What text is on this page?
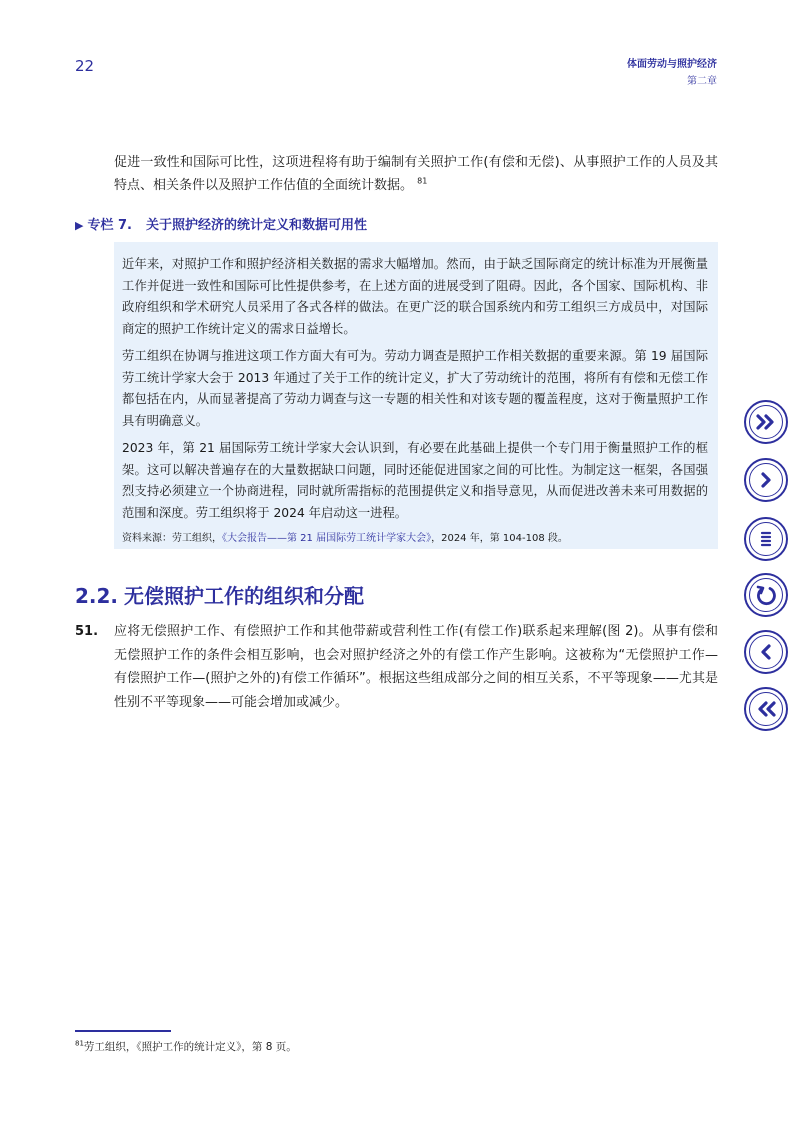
22	体面劳动与照护经济
第二章

促进一致性和国际可比性，这项进程将有助于编制有关照护工作(有偿和无偿)、从事照护工作的人员及其特点、相关条件以及照护工作估值的全面统计数据。 $^{81}$

▶ 专栏 7. 关于照护经济的统计定义和数据可用性

近年来，对照护工作和照护经济相关数据的需求大幅增加。然而，由于缺乏国际商定的统计标准为开展衡量工作并促进一致性和国际可比性提供参考，在上述方面的进展受到了阻碍。因此，各个国家、国际机构、非政府组织和学术研究人员采用了各式各样的做法。在更广泛的联合国系统内和劳工组织三方成员中，对国际商定的照护工作统计定义的需求日益增长。

劳工组织在协调与推进这项工作方面大有可为。劳动力调查是照护工作相关数据的重要来源。第 19 届国际劳工统计学家大会于 2013 年通过了关于工作的统计定义，扩大了劳动统计的范围，将所有有偿和无偿工作都包括在内，从而显著提高了劳动力调查与这一专题的相关性和对该专题的覆盖程度，这对于衡量照护工作具有明确意义。

2023 年，第 21 届国际劳工统计学家大会认识到，有必要在此基础上提供一个专门用于衡量照护工作的框架。这可以解决普遍存在的大量数据缺口问题，同时还能促进国家之间的可比性。为制定这一框架，各国强烈支持必须建立一个协商进程，同时就所需指标的范围提供定义和指导意见，从而促进改善未来可用数据的范围和深度。劳工组织将于 2024 年启动这一进程。

资料来源：劳工组织，《大会报告——第 21 届国际劳工统计学家大会》，2024 年，第 104-108 段。
2.2. 无偿照护工作的组织和分配
51. 应将无偿照护工作、有偿照护工作和其他带薪或营利性工作(有偿工作)联系起来理解(图 2)。从事有偿和无偿照护工作的条件会相互影响，也会对照护经济之外的有偿工作产生影响。这被称为“无偿照护工作—有偿照护工作—(照护之外的)有偿工作循环”。根据这些组成部分之间的相互关系，不平等现象——尤其是性别不平等现象——可能会增加或减少。
$^{81}$劳工组织，《照护工作的统计定义》，第 8 页。
